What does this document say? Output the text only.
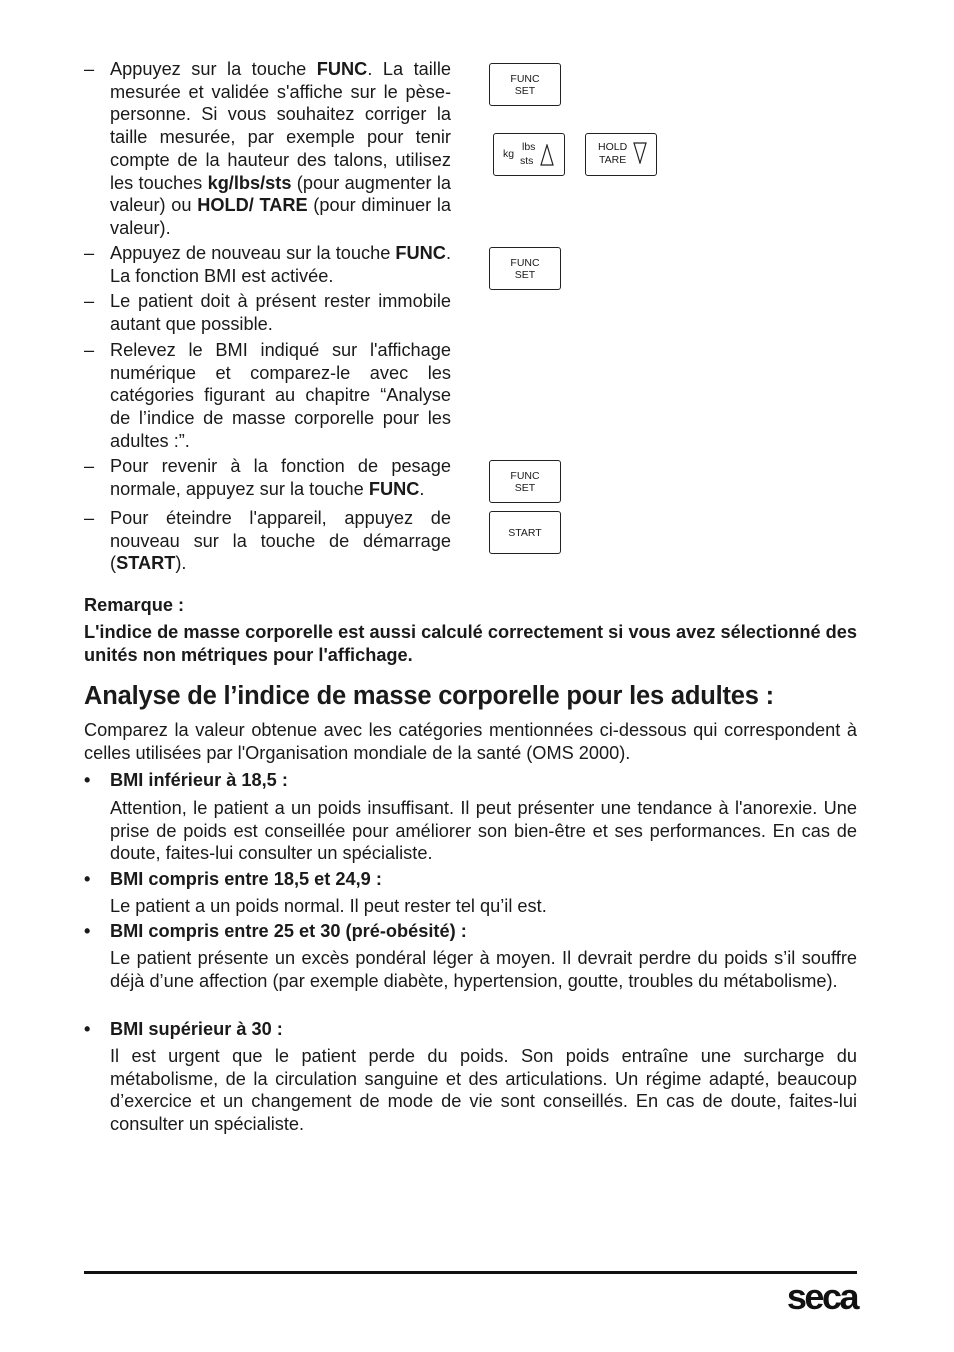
– Appuyez sur la touche FUNC. La taille mesurée et validée s'affiche sur le pèse-personne. Si vous souhaitez corriger la taille mesurée, par exemple pour tenir compte de la hauteur des talons, utilisez les touches kg/lbs/sts (pour augmenter la valeur) ou HOLD/ TARE (pour diminuer la valeur).
– Appuyez de nouveau sur la touche FUNC. La fonction BMI est activée.
– Le patient doit à présent rester immobile autant que possible.
– Relevez le BMI indiqué sur l'affichage numérique et comparez-le avec les catégories figurant au chapitre “Analyse de l’indice de masse corporelle pour les adultes :”.
– Pour revenir à la fonction de pesage normale, appuyez sur la touche FUNC.
– Pour éteindre l'appareil, appuyez de nouveau sur la touche de démarrage (START).
FUNC
SET
kg
lbs
sts
HOLD
TARE
FUNC
SET
FUNC
SET
START
Remarque :
L'indice de masse corporelle est aussi calculé correctement si vous avez sélectionné des unités non métriques pour l'affichage.
Analyse de l’indice de masse corporelle pour les adultes :
Comparez la valeur obtenue avec les catégories mentionnées ci-dessous qui correspondent à celles utilisées par l'Organisation mondiale de la santé (OMS 2000).
• BMI inférieur à 18,5 :
Attention, le patient a un poids insuffisant. Il peut présenter une tendance à l'anorexie. Une prise de poids est conseillée pour améliorer son bien-être et ses performances. En cas de doute, faites-lui consulter un spécialiste.
• BMI compris entre 18,5 et 24,9 :
Le patient a un poids normal. Il peut rester tel qu’il est.
• BMI compris entre 25 et 30 (pré-obésité) :
Le patient présente un excès pondéral léger à moyen. Il devrait perdre du poids s’il souffre déjà d’une affection (par exemple diabète, hypertension, goutte, troubles du métabolisme).
• BMI supérieur à 30 :
Il est urgent que le patient perde du poids. Son poids entraîne une surcharge du métabolisme, de la circulation sanguine et des articulations. Un régime adapté, beaucoup d’exercice et un changement de mode de vie sont conseillés. En cas de doute, faites-lui consulter un spécialiste.
seca
